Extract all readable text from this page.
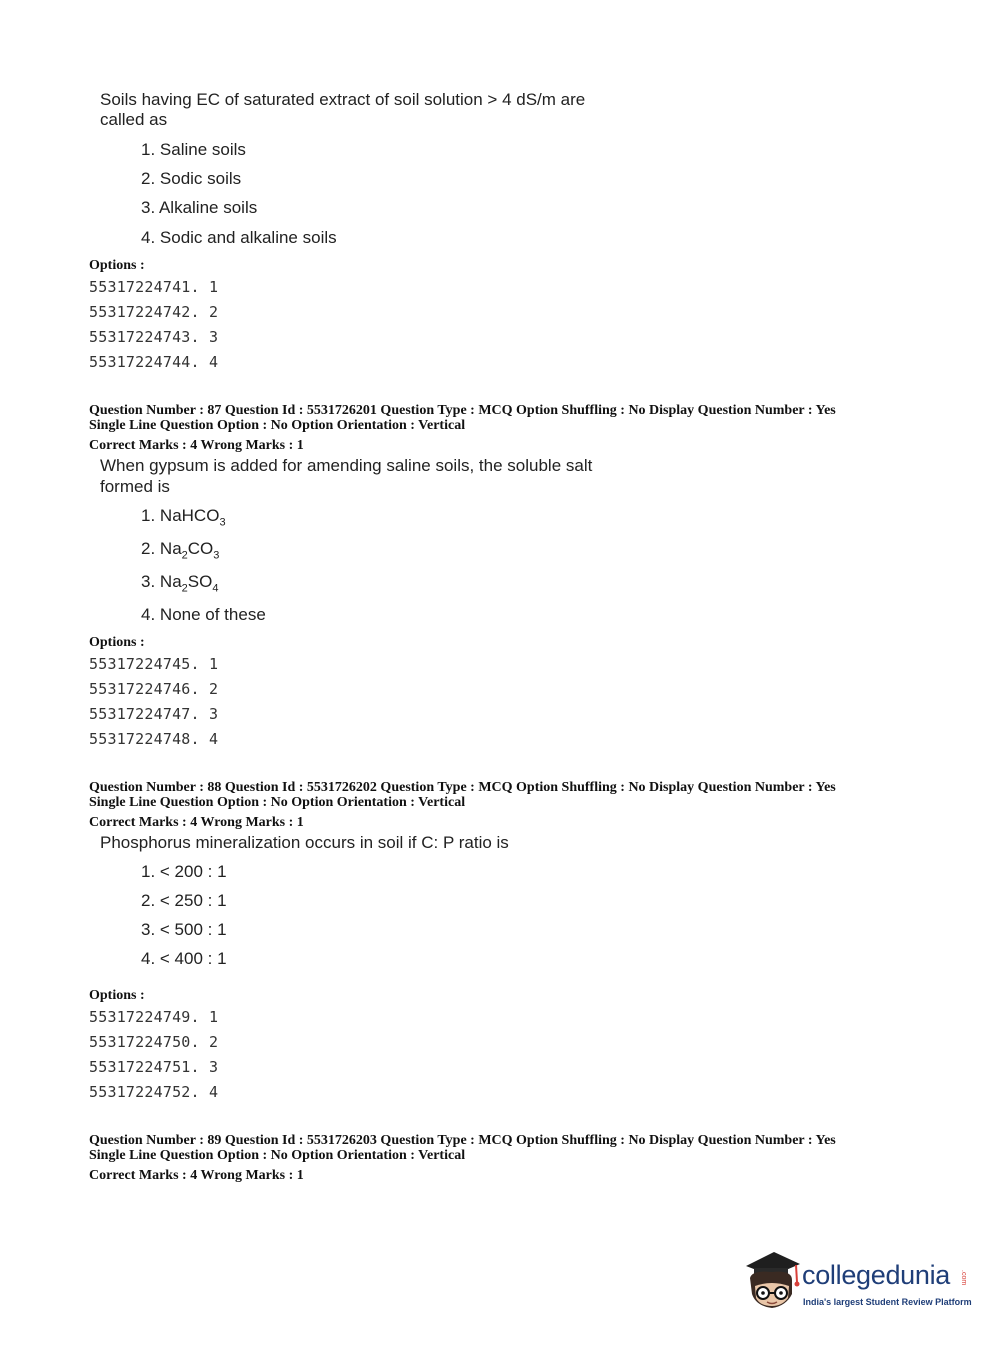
Soils having EC of saturated extract of soil solution > 4 dS/m are
called as
1. Saline soils
2. Sodic soils
3. Alkaline soils
4. Sodic and alkaline soils
Options :
55317224741. 1
55317224742. 2
55317224743. 3
55317224744. 4
Question Number : 87 Question Id : 5531726201 Question Type : MCQ Option Shuffling : No Display Question Number : Yes
Single Line Question Option : No Option Orientation : Vertical
Correct Marks : 4 Wrong Marks : 1
When gypsum is added for amending saline soils, the soluble salt
formed is
1. NaHCO$_3$
2. $Na_2CO_3$
3. $Na_2SO_4$
4. None of these
Options :
55317224745. 1
55317224746. 2
55317224747. 3
55317224748. 4
Question Number : 88 Question Id : 5531726202 Question Type : MCQ Option Shuffling : No Display Question Number : Yes
Single Line Question Option : No Option Orientation : Vertical
Correct Marks : 4 Wrong Marks : 1
Phosphorus mineralization occurs in soil if C: P ratio is
1. < 200 : 1
2. < 250 : 1
3. < 500 : 1
4. < 400 : 1
Options :
55317224749. 1
55317224750. 2
55317224751. 3
55317224752. 4
Question Number : 89 Question Id : 5531726203 Question Type : MCQ Option Shuffling : No Display Question Number : Yes
Single Line Question Option : No Option Orientation : Vertical
Correct Marks : 4 Wrong Marks : 1
collegedunia .com
India's largest Student Review Platform
